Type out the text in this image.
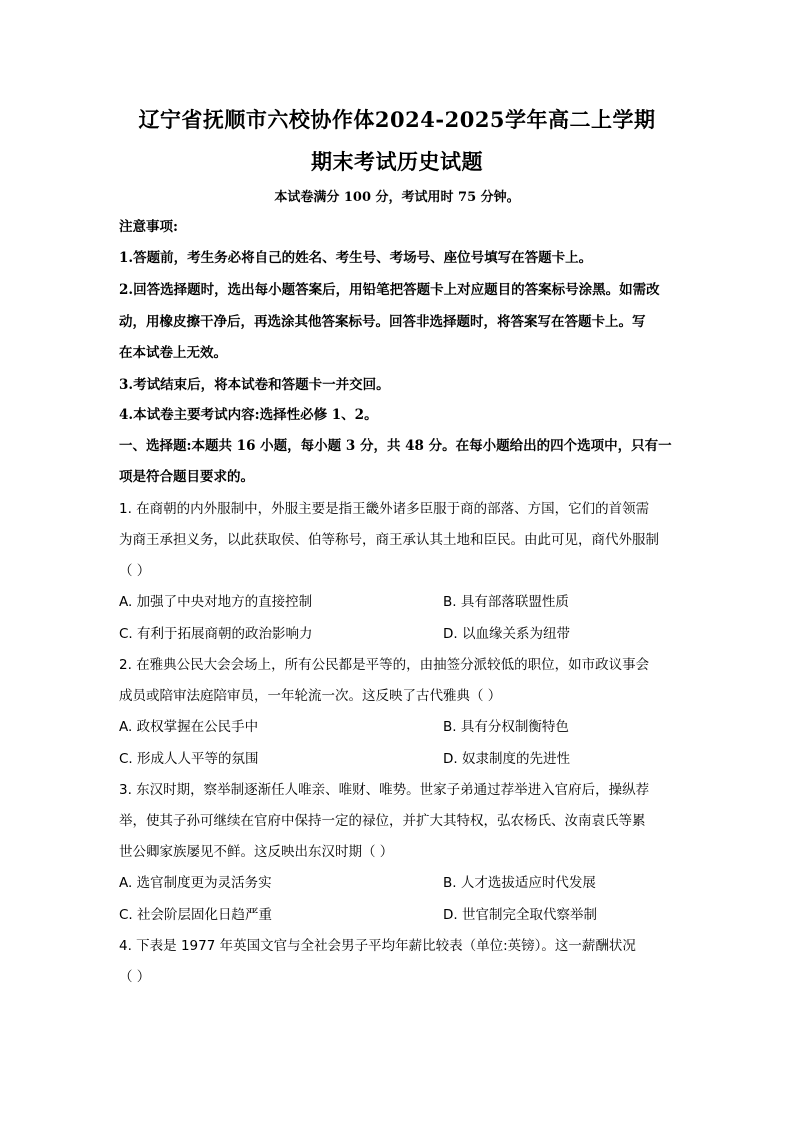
辽宁省抚顺市六校协作体2024-2025学年高二上学期
期末考试历史试题
本试卷满分 100 分，考试用时 75 分钟。
注意事项:
1.答题前，考生务必将自己的姓名、考生号、考场号、座位号填写在答题卡上。
2.回答选择题时，选出每小题答案后，用铅笔把答题卡上对应题目的答案标号涂黑。如需改
动，用橡皮擦干净后，再选涂其他答案标号。回答非选择题时，将答案写在答题卡上。写
在本试卷上无效。
3.考试结束后，将本试卷和答题卡一并交回。
4.本试卷主要考试内容:选择性必修 1、2。
一、选择题:本题共 16 小题，每小题 3 分，共 48 分。在每小题给出的四个选项中，只有一
项是符合题目要求的。
1. 在商朝的内外服制中，外服主要是指王畿外诸多臣服于商的部落、方国，它们的首领需
为商王承担义务，以此获取侯、伯等称号，商王承认其土地和臣民。由此可见，商代外服制
（ ）
A. 加强了中央对地方的直接控制	B. 具有部落联盟性质
C. 有利于拓展商朝的政治影响力	D. 以血缘关系为纽带
2. 在雅典公民大会会场上，所有公民都是平等的，由抽签分派较低的职位，如市政议事会
成员或陪审法庭陪审员，一年轮流一次。这反映了古代雅典（ ）
A. 政权掌握在公民手中	B. 具有分权制衡特色
C. 形成人人平等的氛围	D. 奴隶制度的先进性
3. 东汉时期，察举制逐渐任人唯亲、唯财、唯势。世家子弟通过荐举进入官府后，操纵荐
举，使其子孙可继续在官府中保持一定的禄位，并扩大其特权，弘农杨氏、汝南袁氏等累
世公卿家族屡见不鲜。这反映出东汉时期（ ）
A. 选官制度更为灵活务实	B. 人才选拔适应时代发展
C. 社会阶层固化日趋严重	D. 世官制完全取代察举制
4. 下表是 1977 年英国文官与全社会男子平均年薪比较表（单位:英镑）。这一薪酬状况
（ ）
